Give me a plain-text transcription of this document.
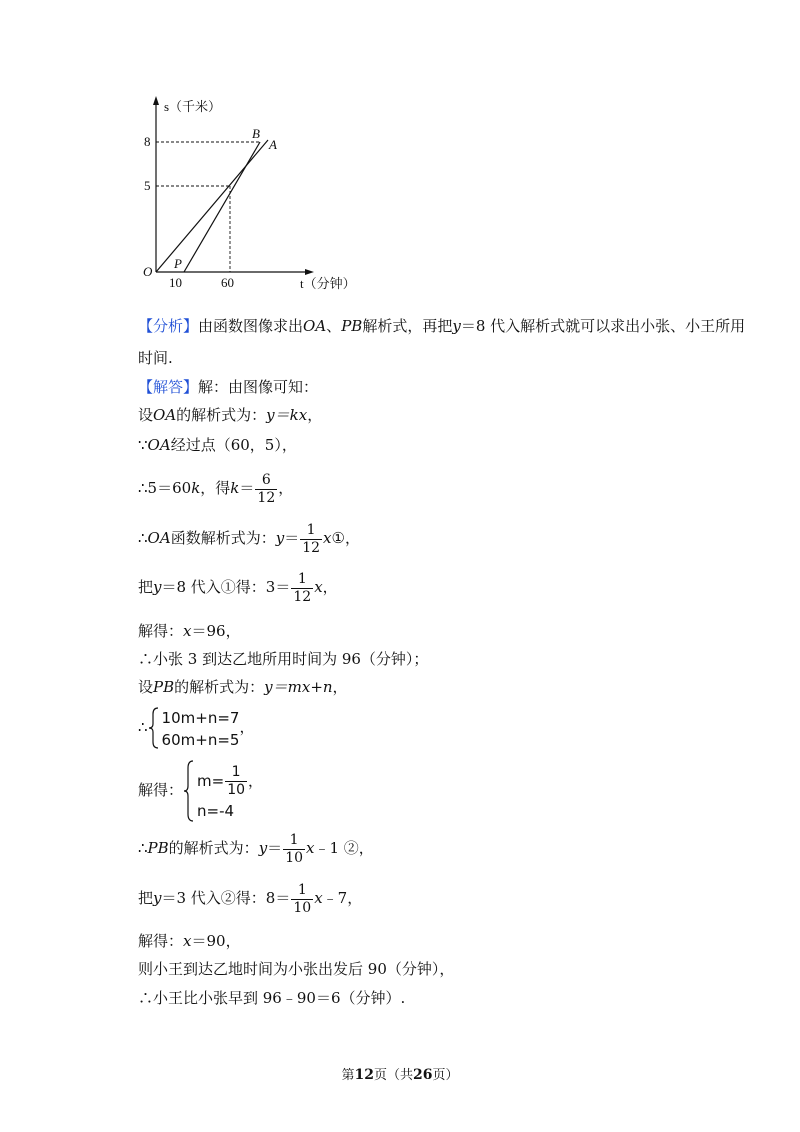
s（千米）
t（分钟）
O
P
B
A
8
5
10	60
【分析】由函数图像求出OA、PB解析式，再把y＝8 代入解析式就可以求出小张、小王所用
时间.
【解答】解：由图像可知：
设OA的解析式为：y＝kx，
∵OA经过点（60，5），
∴5＝60k，得$k= \frac{6}{12}$ ，
∴OA函数解析式为：$y= \frac{1}{12}$ x①，
把y＝8 代入①得：$3= \frac{1}{12}$ x，
解得：x＝96，
∴小张 3 到达乙地所用时间为 96（分钟）；
设PB的解析式为：y＝mx+n，
∴
10m+n=7
60m+n=5
，
解得： $m= \frac{1}{10}$ ，
n=-4
∴PB的解析式为：$y= \frac{1}{10}$ x﹣1 ②，
把y＝3 代入②得：$8= \frac{1}{10}$ x﹣7，
解得：x＝90，
则小王到达乙地时间为小张出发后 90（分钟），
∴小王比小张早到 96﹣90＝6（分钟）.
第12页（共26页）
